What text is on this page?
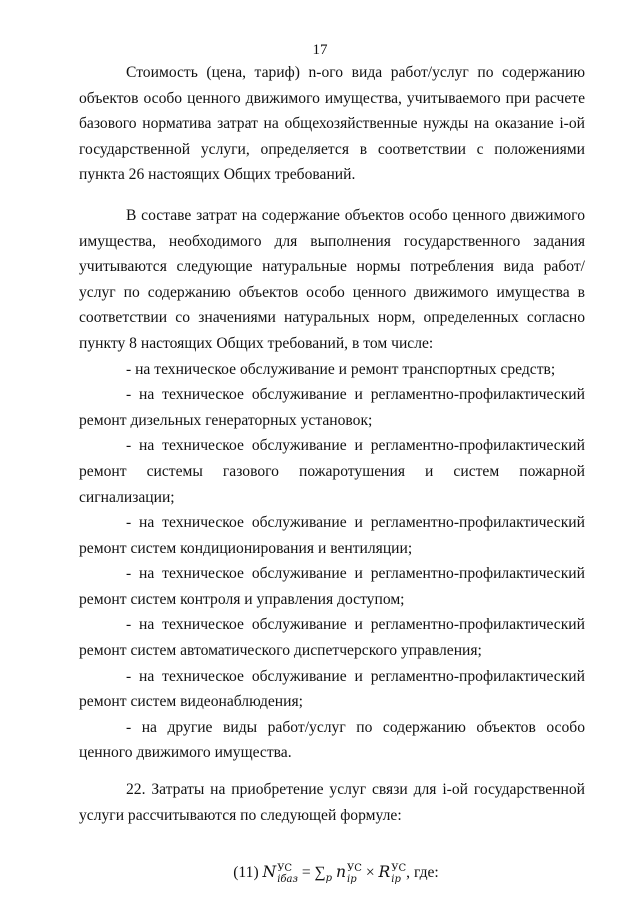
17

Стоимость (цена, тариф) n-ого вида работ/услуг по содержанию объектов особо ценного движимого имущества, учитываемого при расчете базового норматива затрат на общехозяйственные нужды на оказание i-ой государственной услуги, определяется в соответствии с положениями пункта 26 настоящих Общих требований.

В составе затрат на содержание объектов особо ценного движимого имущества, необходимого для выполнения государственного задания учитываются следующие натуральные нормы потребления вида работ/услуг по содержанию объектов особо ценного движимого имущества в соответствии со значениями натуральных норм, определенных согласно пункту 8 настоящих Общих требований, в том числе:

- на техническое обслуживание и ремонт транспортных средств;
- на техническое обслуживание и регламентно-профилактический ремонт дизельных генераторных установок;
- на техническое обслуживание и регламентно-профилактический ремонт системы газового пожаротушения и систем пожарной сигнализации;
- на техническое обслуживание и регламентно-профилактический ремонт систем кондиционирования и вентиляции;
- на техническое обслуживание и регламентно-профилактический ремонт систем контроля и управления доступом;
- на техническое обслуживание и регламентно-профилактический ремонт систем автоматического диспетчерского управления;
- на техническое обслуживание и регламентно-профилактический ремонт систем видеонаблюдения;
- на другие виды работ/услуг по содержанию объектов особо ценного движимого имущества.

22. Затраты на приобретение услуг связи для i-ой государственной услуги рассчитываются по следующей формуле:

(11) N УС
iбаз = $\sum_p$ n УС
ip × R УС
ip , где:
